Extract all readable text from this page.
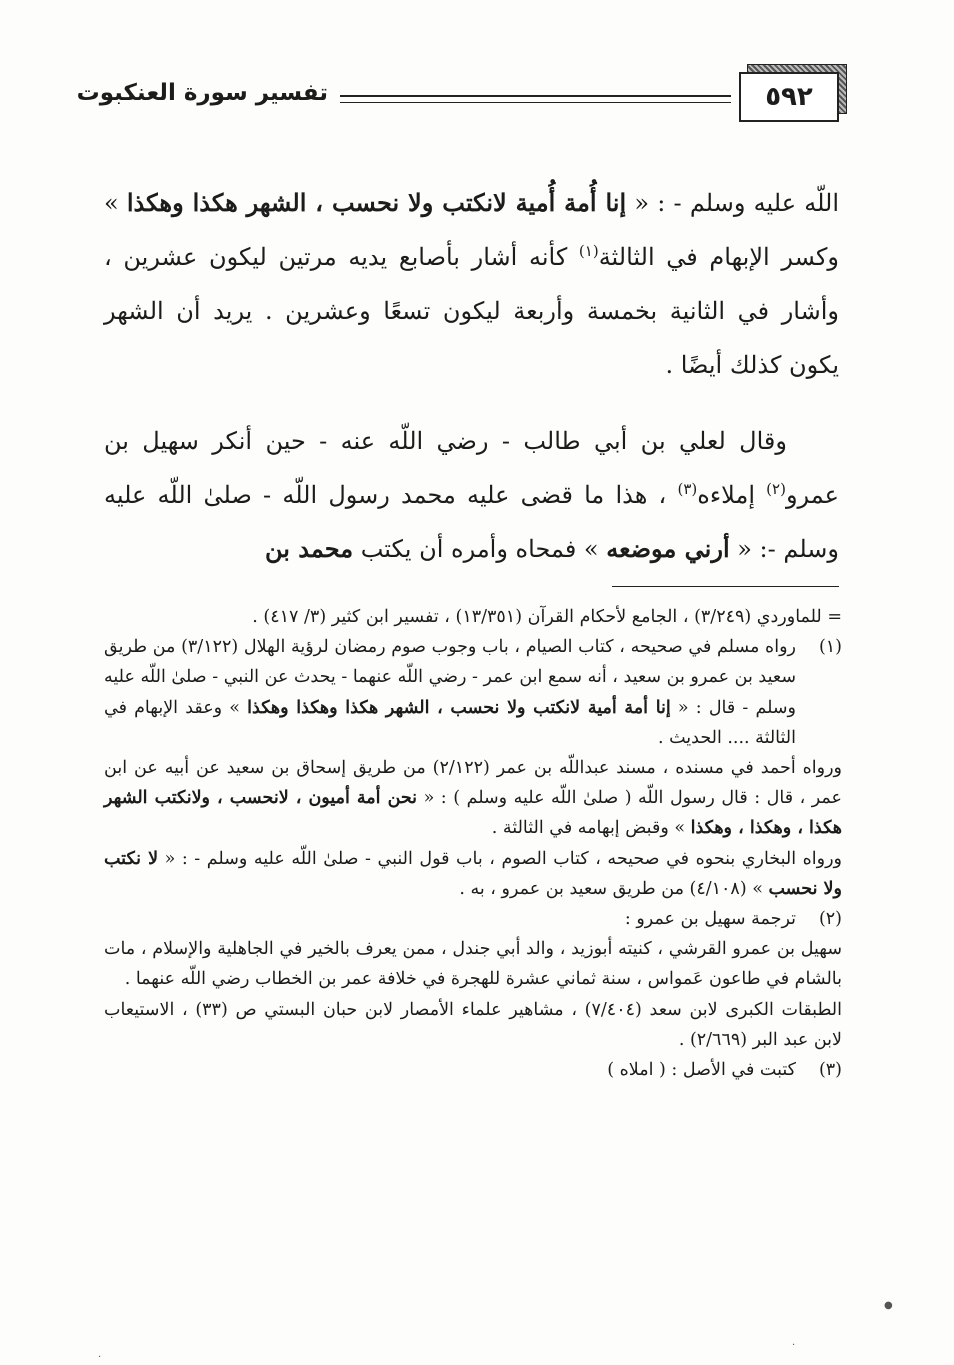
٥٩٢
تفسير سورة العنكبوت

اللّه عليه وسلم - : « إنا أُمة أُمية لانكتب ولا نحسب ، الشهر هكذا وهكذا » وكسر الإبهام في الثالثة$^{(١)}$ كأنه أشار بأصابع يديه مرتين ليكون عشرين ، وأشار في الثانية بخمسة وأربعة ليكون تسعًا وعشرين . يريد أن الشهر يكون كذلك أيضًا .

وقال لعلي بن أبي طالب - رضي اللّه عنه - حين أنكر سهيل بن عمرو$^{(٢)}$ إملاءه$^{(٣)}$ ، هذا ما قضى عليه محمد رسول اللّه - صلىٰ اللّه عليه وسلم -: « أرني موضعه » فمحاه وأمره أن يكتب محمد بن

= للماوردي (٣/٢٤٩) ، الجامع لأحكام القرآن (١٣/٣٥١) ، تفسير ابن كثير (٣/ ٤١٧) .

(١)

رواه مسلم في صحيحه ، كتاب الصيام ، باب وجوب صوم رمضان لرؤية الهلال (٣/١٢٢) من طريق سعيد بن عمرو بن سعيد ، أنه سمع ابن عمر - رضي اللّه عنهما - يحدث عن النبي - صلىٰ اللّه عليه وسلم - قال : « إنا أمة أمية لانكتب ولا نحسب ، الشهر هكذا وهكذا وهكذا » وعقد الإبهام في الثالثة .... الحديث .

ورواه أحمد في مسنده ، مسند عبداللّه بن عمر (٢/١٢٢) من طريق إسحاق بن سعيد عن أبيه عن ابن عمر ، قال : قال رسول اللّه ( صلىٰ اللّه عليه وسلم ) : « نحن أمة أميون ، لانحسب ، ولانكتب الشهر هكذا ، وهكذا ، وهكذا » وقبض إبهامه في الثالثة .

ورواه البخاري بنحوه في صحيحه ، كتاب الصوم ، باب قول النبي - صلىٰ اللّه عليه وسلم - : « لا نكتب ولا نحسب » (٤/١٠٨) من طريق سعيد بن عمرو ، به .

(٢)

ترجمة سهيل بن عمرو :

سهيل بن عمرو القرشي ، كنيته أبوزيد ، والد أبي جندل ، ممن يعرف بالخير في الجاهلية والإسلام ، مات بالشام في طاعون عَمواس ، سنة ثماني عشرة للهجرة في خلافة عمر بن الخطاب رضي اللّه عنهما .

الطبقات الكبرى لابن سعد (٧/٤٠٤) ، مشاهير علماء الأمصار لابن حبان البستي ص (٣٣) ، الاستيعاب لابن عبد البر (٢/٦٦٩) .

(٣)

كتبت في الأصل : ( املاه )

●
·
·
